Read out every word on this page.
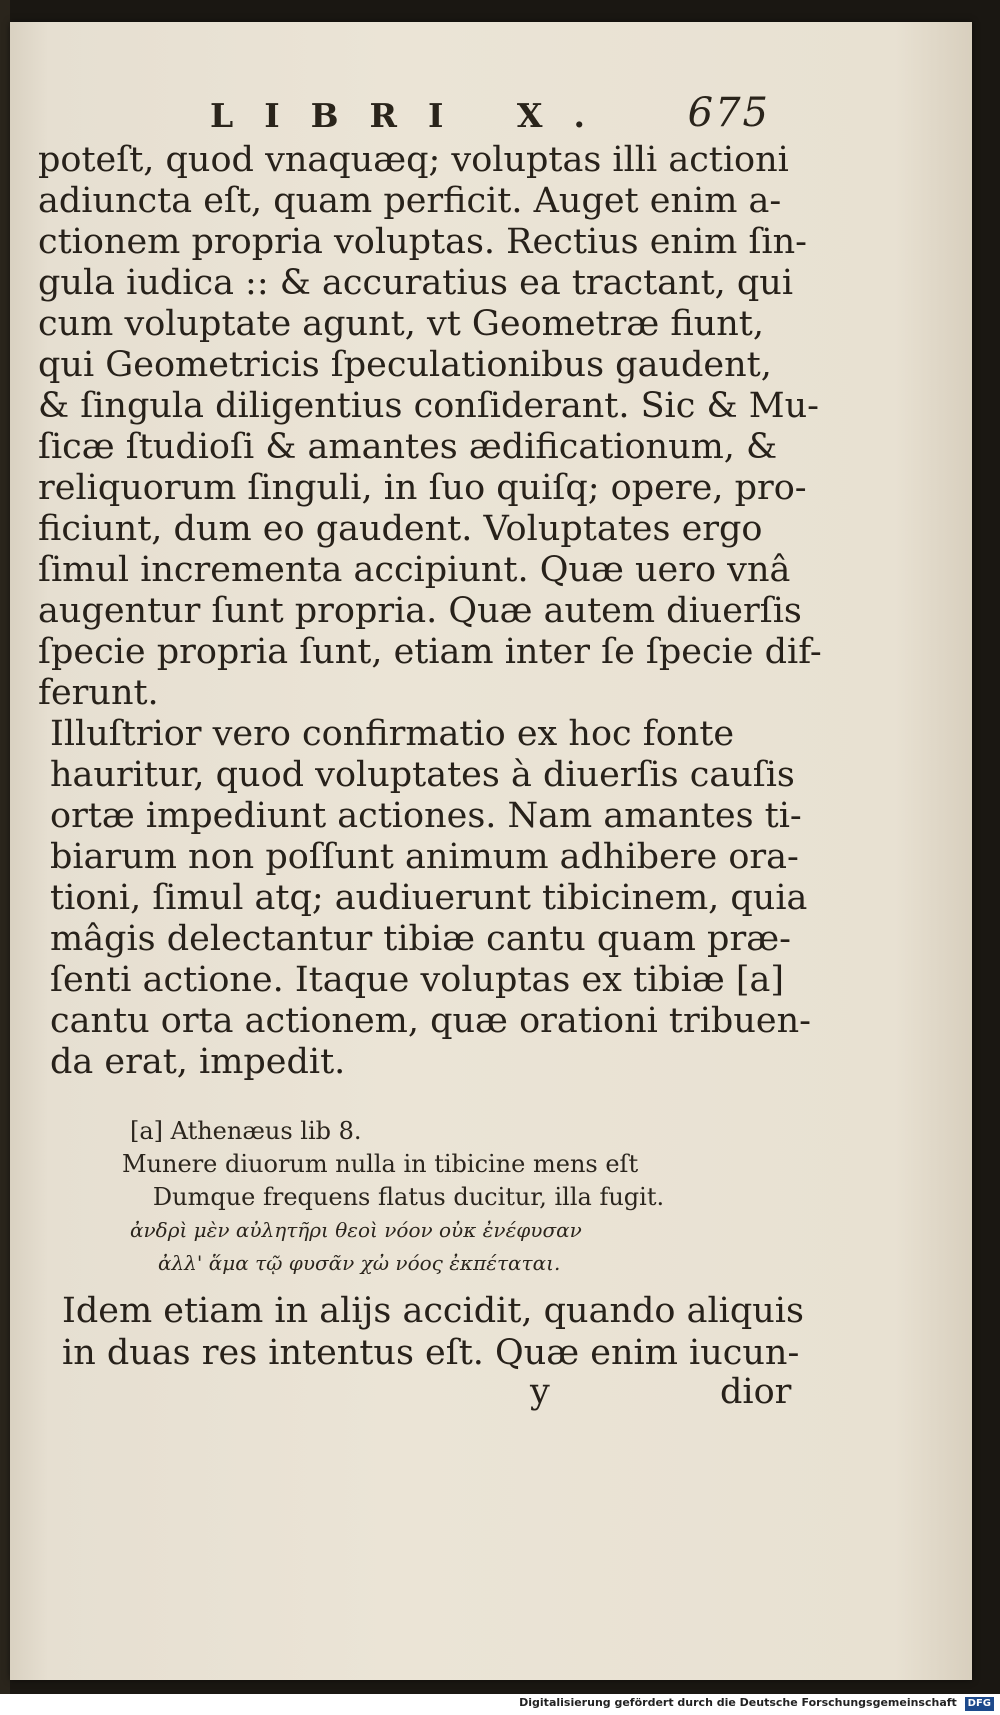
LIBRI X. 675
poteſt, quod vnaquæq; voluptas illi actioni
adiuncta eſt, quam perficit. Auget enim a-
ctionem propria voluptas. Rectius enim ſin-
gula iudica :: & accuratius ea tractant, qui
cum voluptate agunt, vt Geometræ fiunt,
qui Geometricis ſpeculationibus gaudent,
& ſingula diligentius conſiderant. Sic & Mu-
ſicæ ſtudioſi & amantes ædificationum, &
reliquorum ſinguli, in ſuo quiſq; opere, pro-
ficiunt, dum eo gaudent. Voluptates ergo
ſimul incrementa accipiunt. Quæ uero vnâ
augentur ſunt propria. Quæ autem diuerſis
ſpecie propria ſunt, etiam inter ſe ſpecie dif-
ferunt.
Illuſtrior vero confirmatio ex hoc fonte
hauritur, quod voluptates à diuerſis cauſis
ortæ impediunt actiones. Nam amantes ti-
biarum non poſſunt animum adhibere ora-
tioni, ſimul atq; audiuerunt tibicinem, quia
mâgis delectantur tibiæ cantu quam præ-
ſenti actione. Itaque voluptas ex tibiæ [a]
cantu orta actionem, quæ orationi tribuen-
da erat, impedit.
[a] Athenæus lib 8.
Munere diuorum nulla in tibicine mens eſt
Dumque frequens flatus ducitur, illa fugit.
ἀνδρὶ μὲν αὐλητῆρι θεοὶ νόον οὐκ ἐνέφυσαν
ἀλλ' ἅμα τῷ φυσᾶν χὠ νόος ἐκπέταται.
Idem etiam in alijs accidit, quando aliquis
in duas res intentus eſt. Quæ enim iucun-
y	dior
Digitalisierung gefördert durch die Deutsche Forschungsgemeinschaft DFG
